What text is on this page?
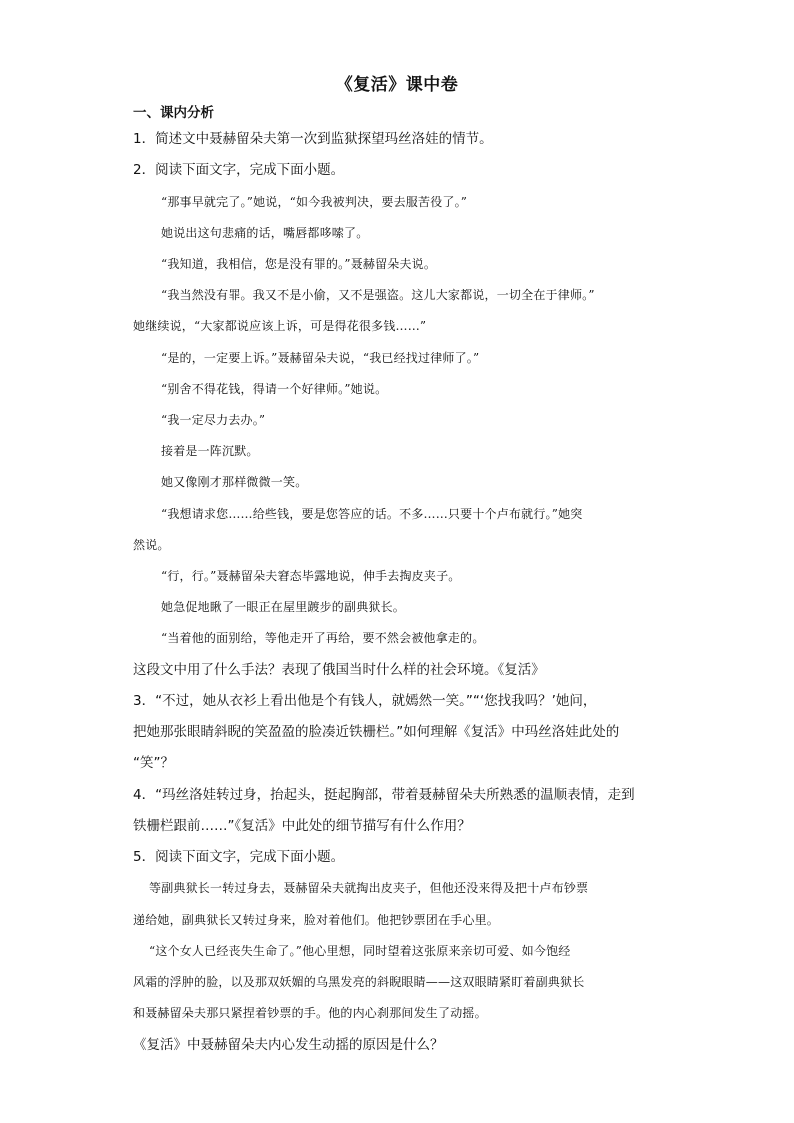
《复活》课中卷
一、课内分析
1．简述文中聂赫留朵夫第一次到监狱探望玛丝洛娃的情节。
2．阅读下面文字，完成下面小题。
“那事早就完了。”她说，“如今我被判决，要去服苦役了。”
她说出这句悲痛的话，嘴唇都哆嗦了。
“我知道，我相信，您是没有罪的。”聂赫留朵夫说。
“我当然没有罪。我又不是小偷，又不是强盗。这儿大家都说，一切全在于律师。”
她继续说，“大家都说应该上诉，可是得花很多钱……”
“是的，一定要上诉。”聂赫留朵夫说，“我已经找过律师了。”
“别舍不得花钱，得请一个好律师。”她说。
“我一定尽力去办。”
接着是一阵沉默。
她又像刚才那样微微一笑。
“我想请求您……给些钱，要是您答应的话。不多……只要十个卢布就行。”她突
然说。
“行，行。”聂赫留朵夫窘态毕露地说，伸手去掏皮夹子。
她急促地瞅了一眼正在屋里踱步的副典狱长。
“当着他的面别给，等他走开了再给，要不然会被他拿走的。
这段文中用了什么手法？表现了俄国当时什么样的社会环境。《复活》
3．“不过，她从衣衫上看出他是个有钱人，就嫣然一笑。”“‘您找我吗？’她问，
把她那张眼睛斜睨的笑盈盈的脸凑近铁栅栏。”如何理解《复活》中玛丝洛娃此处的
“笑”？
4．“玛丝洛娃转过身，抬起头，挺起胸部，带着聂赫留朵夫所熟悉的温顺表情，走到
铁栅栏跟前……”《复活》中此处的细节描写有什么作用？
5．阅读下面文字，完成下面小题。
等副典狱长一转过身去，聂赫留朵夫就掏出皮夹子，但他还没来得及把十卢布钞票
递给她，副典狱长又转过身来，脸对着他们。他把钞票团在手心里。
“这个女人已经丧失生命了。”他心里想，同时望着这张原来亲切可爱、如今饱经
风霜的浮肿的脸，以及那双妖媚的乌黑发亮的斜睨眼睛——这双眼睛紧盯着副典狱长
和聂赫留朵夫那只紧捏着钞票的手。他的内心刹那间发生了动摇。
《复活》中聂赫留朵夫内心发生动摇的原因是什么？
